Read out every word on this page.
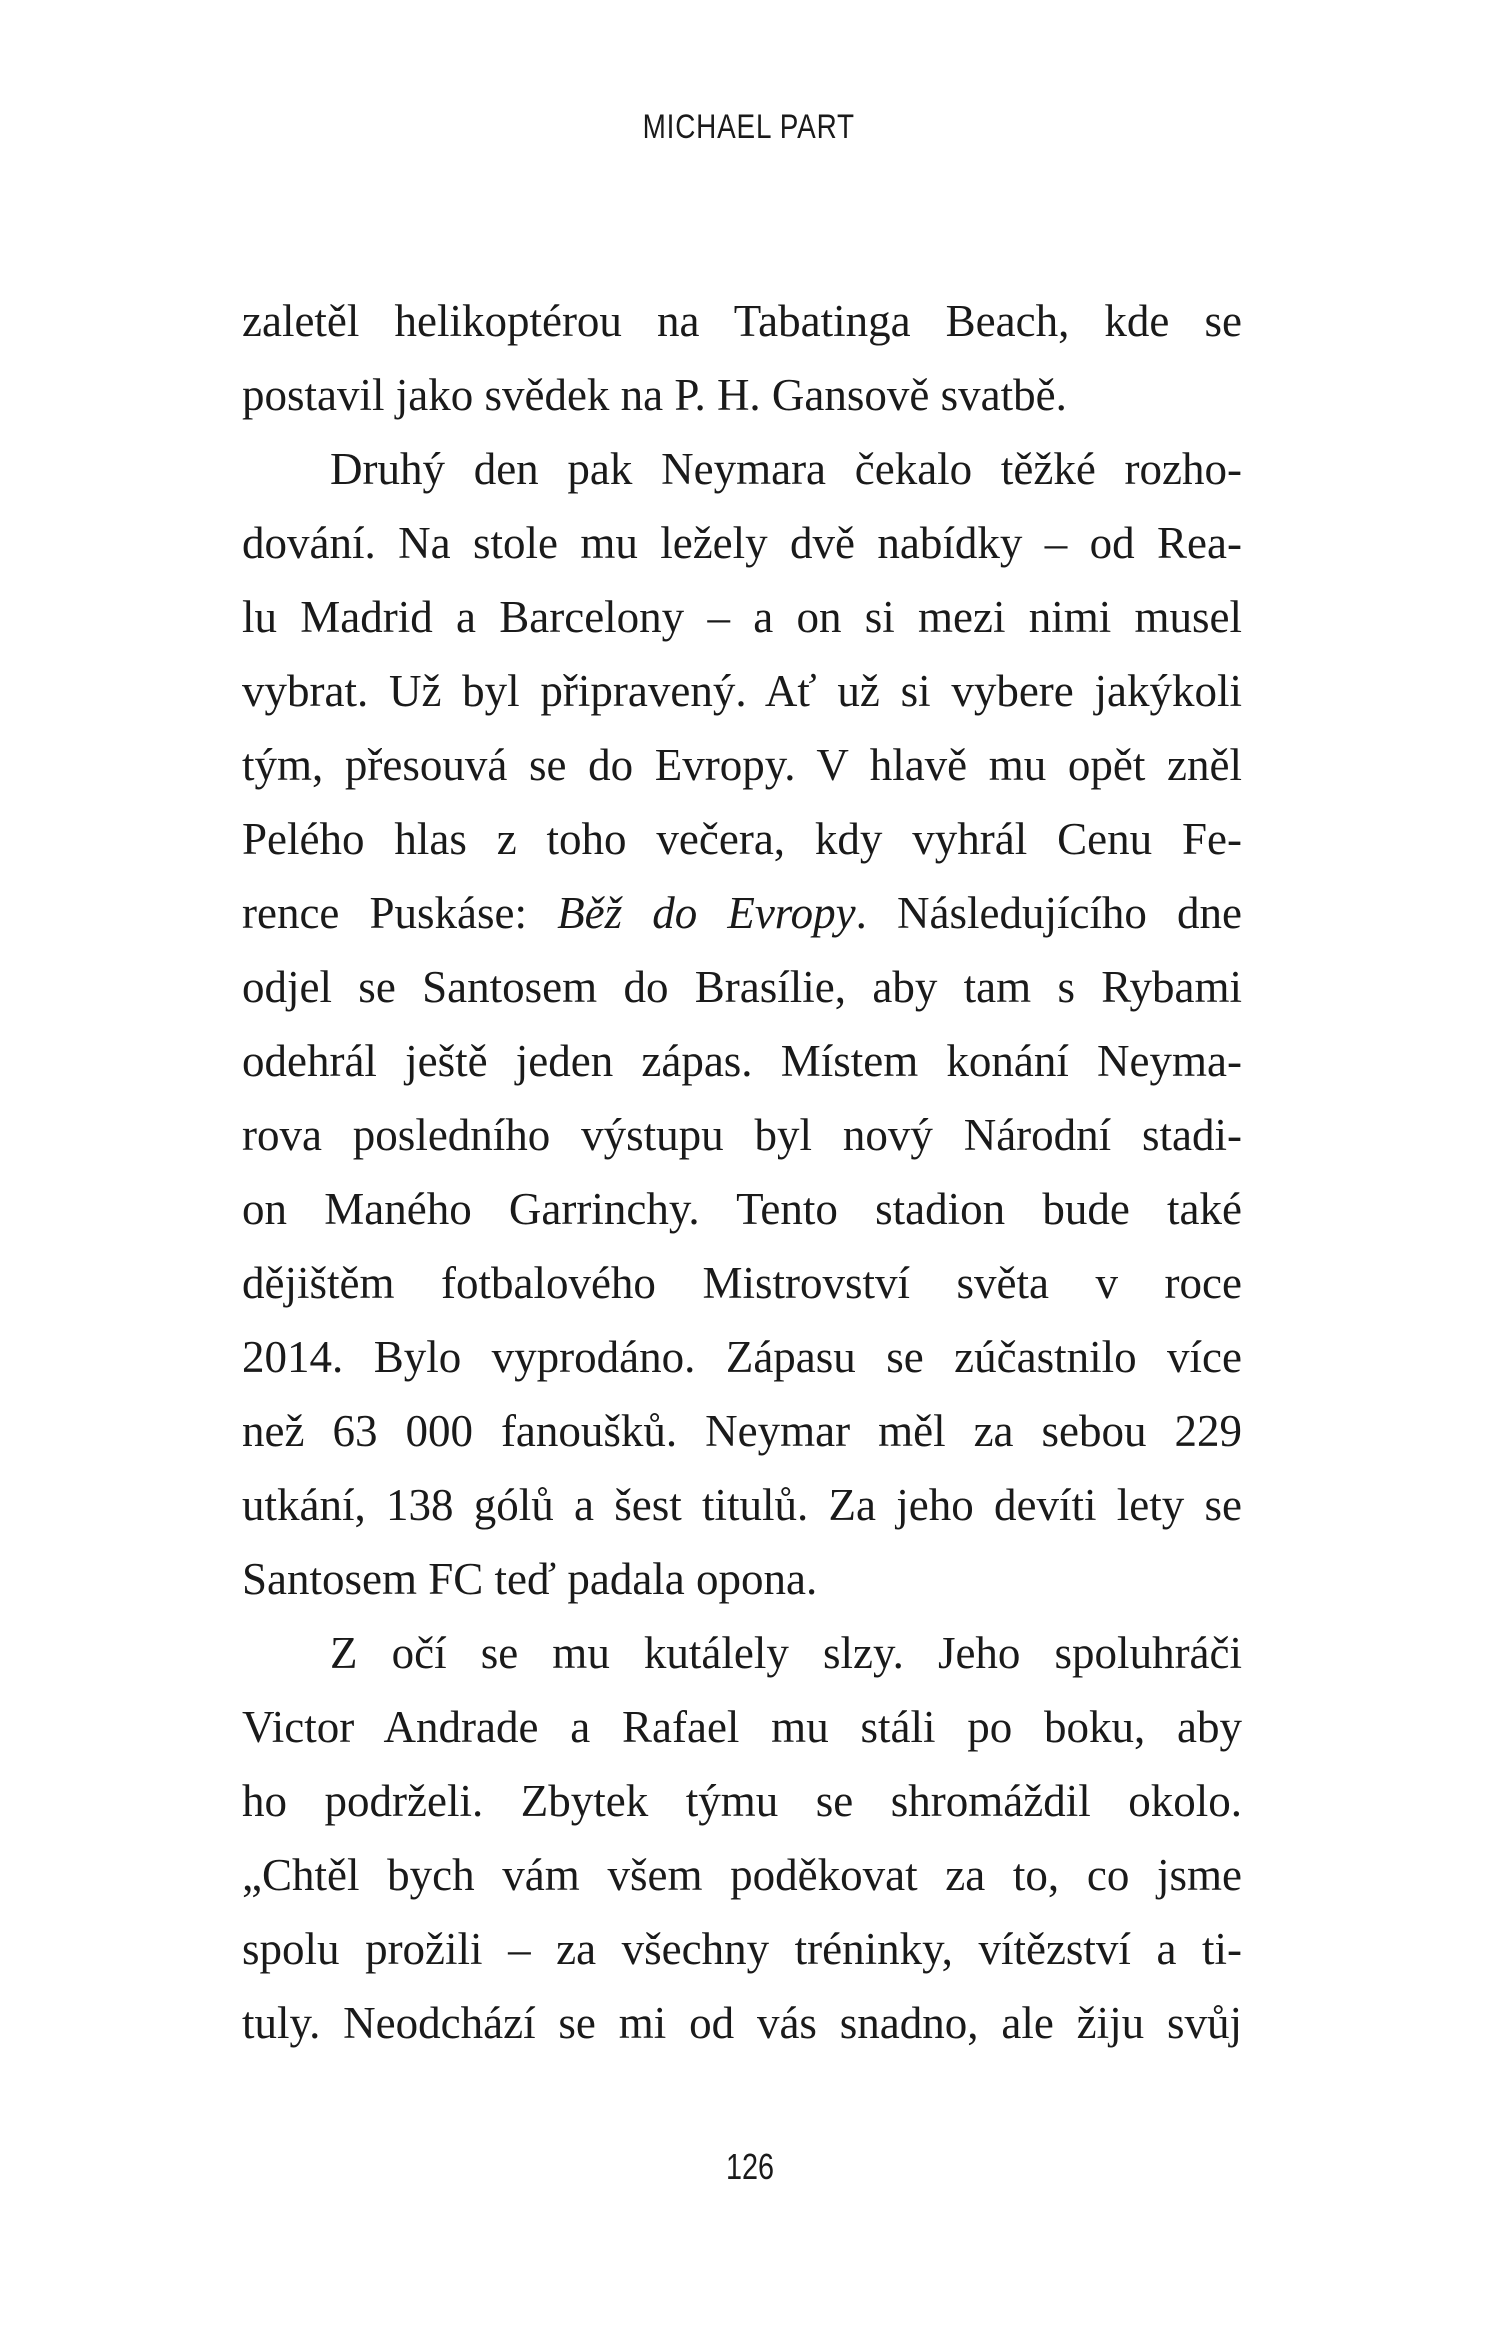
MICHAEL PART
zaletěl helikoptérou na Tabatinga Beach, kde se
postavil jako svědek na P. H. Gansově svatbě.
Druhý den pak Neymara čekalo těžké rozho-
dování. Na stole mu ležely dvě nabídky – od Rea-
lu Madrid a Barcelony – a on si mezi nimi musel
vybrat. Už byl připravený. Ať už si vybere jakýkoli
tým, přesouvá se do Evropy. V hlavě mu opět zněl
Pelého hlas z toho večera, kdy vyhrál Cenu Fe-
rence Puskáse: Běž do Evropy. Následujícího dne
odjel se Santosem do Brasílie, aby tam s Rybami
odehrál ještě jeden zápas. Místem konání Neyma-
rova posledního výstupu byl nový Národní stadi-
on Maného Garrinchy. Tento stadion bude také
dějištěm fotbalového Mistrovství světa v roce
2014. Bylo vyprodáno. Zápasu se zúčastnilo více
než 63 000 fanoušků. Neymar měl za sebou 229
utkání, 138 gólů a šest titulů. Za jeho devíti lety se
Santosem FC teď padala opona.
Z očí se mu kutálely slzy. Jeho spoluhráči
Victor Andrade a Rafael mu stáli po boku, aby
ho podrželi. Zbytek týmu se shromáždil okolo.
„Chtěl bych vám všem poděkovat za to, co jsme
spolu prožili – za všechny tréninky, vítězství a ti-
tuly. Neodchází se mi od vás snadno, ale žiju svůj
126
